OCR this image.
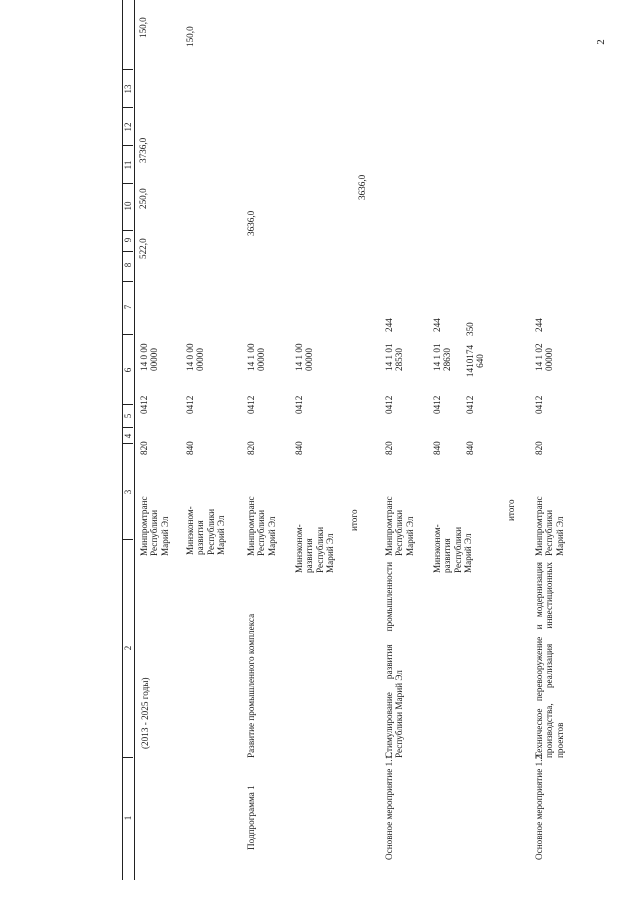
2
1
2
3
4
5
6
7
8
9
10
11
12
13
(2013 - 2025 годы)
Минпромтранс Республики Марий Эл
820
0412
14 0 00 00000
522,0
250,0
3736,0
150,0
Минэконом-развития Республики Марий Эл
840
0412
14 0 00 00000
150,0
Подпрограмма 1
Развитие промышленного комплекса
Минпромтранс Республики Марий Эл
820
0412
14 1 00 00000
3636,0
Минэконом-развития Республики Марий Эл
840
0412
14 1 00 00000
итого
3636,0
Основное мероприятие 1.1.
Стимулирование развития промышленности Республики Марий Эл
Минпромтранс Республики Марий Эл
820
0412
14 1 01 28530
244
Минэконом-развития Республики Марий Эл
840
0412
14 1 01 28630
244
840
0412
1410174 640
350
итого
Основное мероприятие 1.2.
Техническое перевооружение и модернизация производства, реализация инвестиционных проектов
Минпромтранс Республики Марий Эл
820
0412
14 1 02 00000
244
